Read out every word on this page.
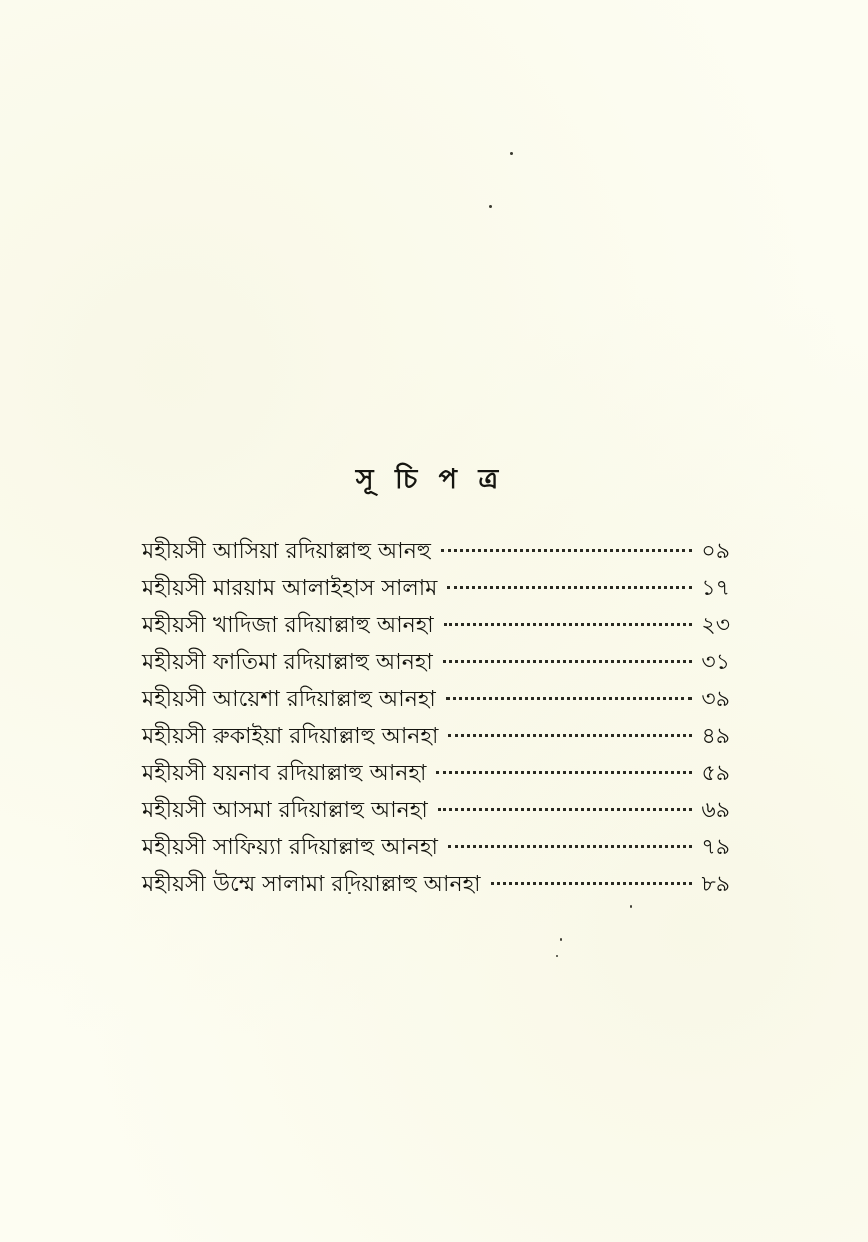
সূ চি প ত্র
মহীয়সী আসিয়া রদিয়াল্লাহু আনহু	০৯
মহীয়সী মারয়াম আলাইহাস সালাম	১৭
মহীয়সী খাদিজা রদিয়াল্লাহু আনহা	২৩
মহীয়সী ফাতিমা রদিয়াল্লাহু আনহা	৩১
মহীয়সী আয়েশা রদিয়াল্লাহু আনহা	৩৯
মহীয়সী রুকাইয়া রদিয়াল্লাহু আনহা	৪৯
মহীয়সী যয়নাব রদিয়াল্লাহু আনহা	৫৯
মহীয়সী আসমা রদিয়াল্লাহু আনহা	৬৯
মহীয়সী সাফিয়্যা রদিয়াল্লাহু আনহা	৭৯
মহীয়সী উম্মে সালামা রদিয়াল্লাহু আনহা	৮৯
